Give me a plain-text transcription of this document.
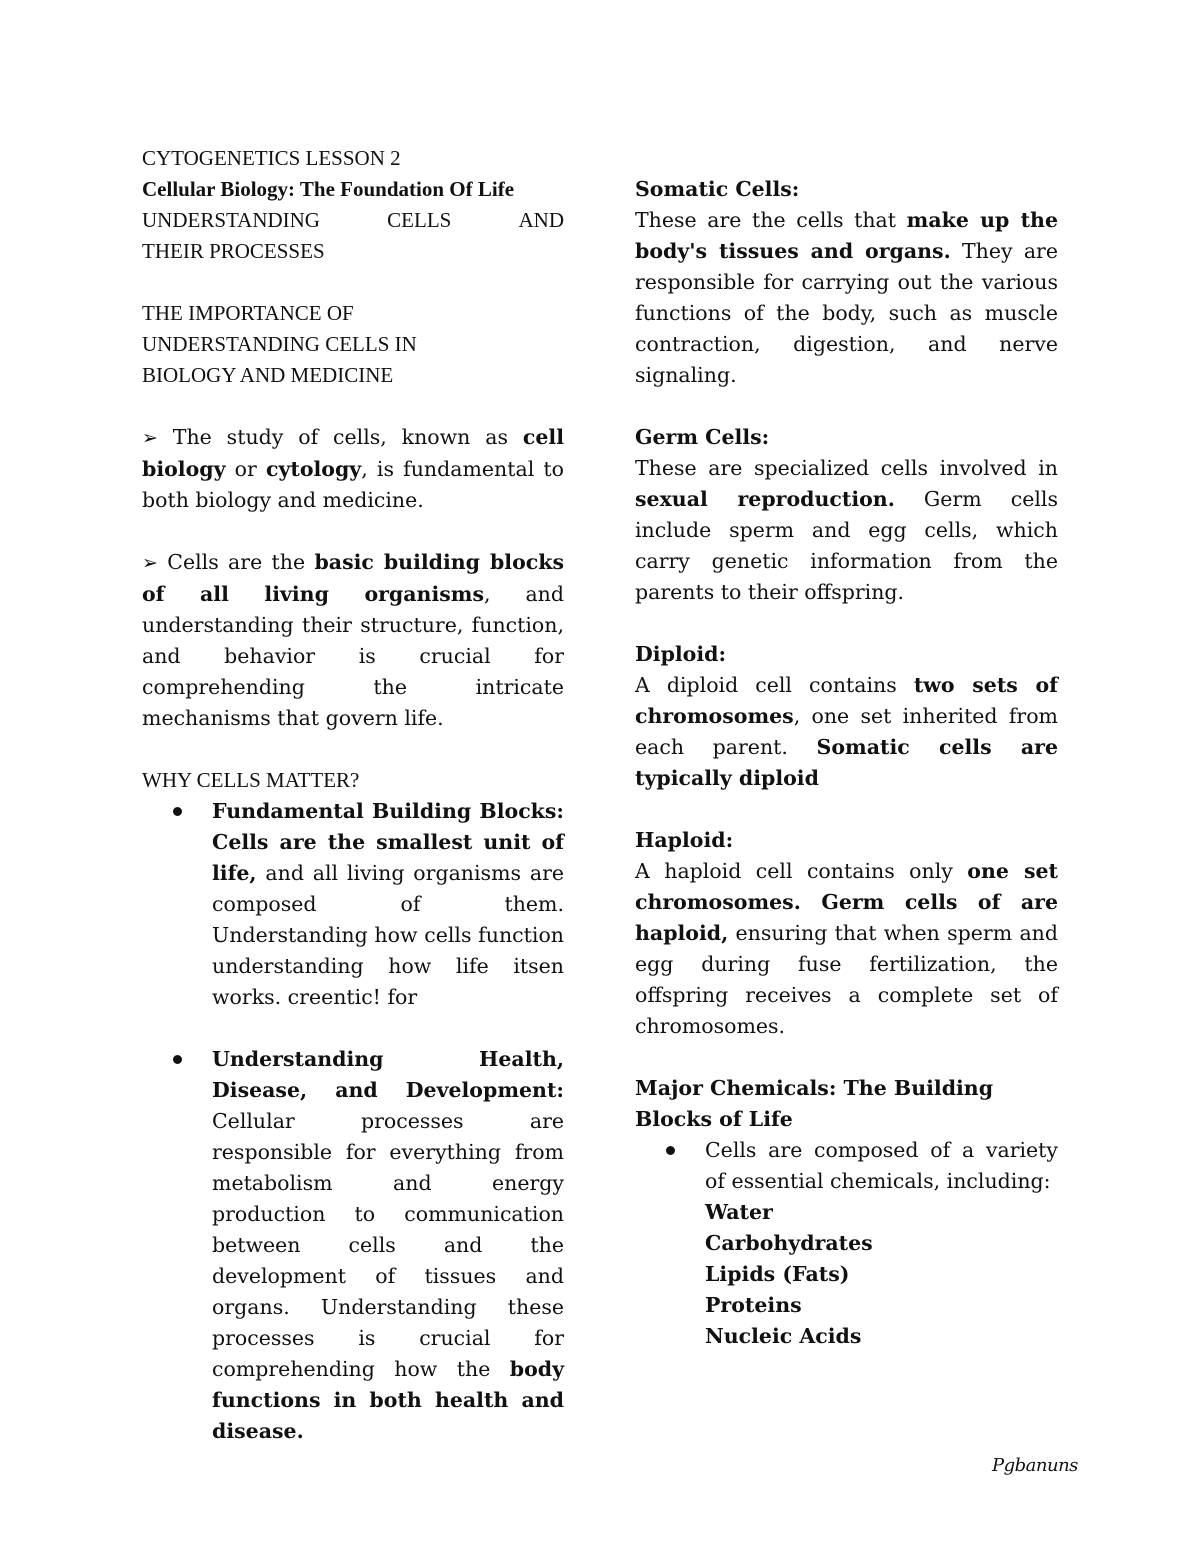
CYTOGENETICS LESSON 2

Cellular Biology: The Foundation Of Life

UNDERSTANDING	CELLS	AND

THEIR PROCESSES

THE IMPORTANCE OF

UNDERSTANDING CELLS IN

BIOLOGY AND MEDICINE

➢ The study of cells, known as cell biology or cytology, is fundamental to both biology and medicine.

➢ Cells are the basic building blocks of all living organisms, and understanding their structure, function, and behavior is crucial for comprehending the intricate mechanisms that govern life.

WHY CELLS MATTER?

Fundamental Building Blocks: Cells are the smallest unit of life, and all living organisms are composed of them. Understanding how cells function understanding how life itsen works. creentic! for
Understanding Health, Disease, and Development: Cellular processes are responsible for everything from metabolism and energy production to communication between cells and the development of tissues and organs. Understanding these processes is crucial for comprehending how the body functions in both health and disease.

Somatic Cells:

These are the cells that make up the body's tissues and organs. They are responsible for carrying out the various functions of the body, such as muscle contraction, digestion, and nerve signaling.

Germ Cells:

These are specialized cells involved in sexual reproduction. Germ cells include sperm and egg cells, which carry genetic information from the parents to their offspring.

Diploid:

A diploid cell contains two sets of chromosomes, one set inherited from each parent. Somatic cells are typically diploid

Haploid:

A haploid cell contains only one set chromosomes. Germ cells of are haploid, ensuring that when sperm and egg during fuse fertilization, the offspring receives a complete set of chromosomes.

Major Chemicals: The Building Blocks of Life

Cells are composed of a variety of essential chemicals, including:

Water

Carbohydrates

Lipids (Fats)

Proteins

Nucleic Acids

Pgbanuns
